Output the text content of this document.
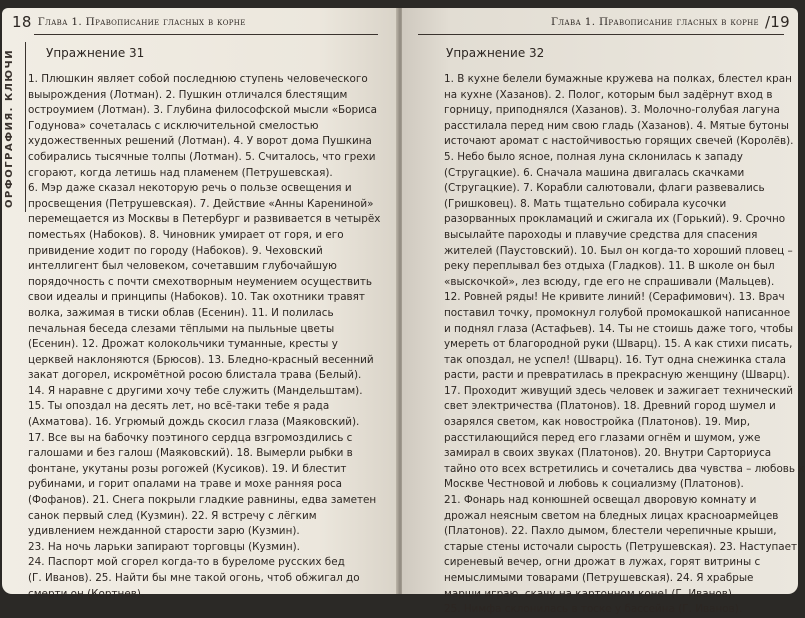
18 Глава 1. Правописание гласных в корне
ОРФОГРАФИЯ. КЛЮЧИ	Упражнение 31
1. Плюшкин являет собой последнюю ступень человеческого
выырождения (Лотман). 2. Пушкин отличался блестящим
остроумием (Лотман). 3. Глубина философской мысли «Бориса
Годунова» сочеталась с исключительной смелостью
художественных решений (Лотман). 4. У ворот дома Пушкина
собирались тысячные толпы (Лотман). 5. Считалось, что грехи
сгорают, когда летишь над пламенем (Петрушевская).
6. Мэр даже сказал некоторую речь о пользе освещения и
просвещения (Петрушевская). 7. Действие «Анны Карениной»
перемещается из Москвы в Петербург и развивается в четырёх
поместьях (Набоков). 8. Чиновник умирает от горя, и его
привидение ходит по городу (Набоков). 9. Чеховский
интеллигент был человеком, сочетавшим глубочайшую
порядочность с почти смехотворным неумением осуществить
свои идеалы и принципы (Набоков). 10. Так охотники травят
волка, зажимая в тиски облав (Есенин). 11. И полилась
печальная беседа слезами тёплыми на пыльные цветы
(Есенин). 12. Дрожат колокольчики туманные, кресты у
церквей наклоняются (Брюсов). 13. Бледно-красный весенний
закат догорел, искромётной росою блистала трава (Белый).
14. Я наравне с другими хочу тебе служить (Мандельштам).
15. Ты опоздал на десять лет, но всё-таки тебе я рада
(Ахматова). 16. Угрюмый дождь скосил глаза (Маяковский).
17. Все вы на бабочку поэтиного сердца взгромоздились с
галошами и без галош (Маяковский). 18. Вымерли рыбки в
фонтане, укутаны розы рогожей (Кусиков). 19. И блестит
рубинами, и горит опалами на траве и мохе ранняя роса
(Фофанов). 21. Снега покрыли гладкие равнины, едва заметен
санок первый след (Кузмин). 22. Я встречу с лёгким
удивлением нежданной старости зарю (Кузмин).
23. На ночь ларьки запирают торговцы (Кузмин).
24. Паспорт мой сгорел когда-то в буреломе русских бед
(Г. Иванов). 25. Найти бы мне такой огонь, чтоб обжигал до
смерти он (Кортнев).
Глава 1. Правописание гласных в корне /19
Упражнение 32
1. В кухне белели бумажные кружева на полках, блестел кран
на кухне (Хазанов). 2. Полог, которым был задёрнут вход в
горницу, приподнялся (Хазанов). 3. Молочно-голубая лагуна
расстилала перед ним свою гладь (Хазанов). 4. Мятые бутоны
источают аромат с настойчивостью горящих свечей (Королёв).
5. Небо было ясное, полная луна склонилась к западу
(Стругацкие). 6. Сначала машина двигалась скачками
(Стругацкие). 7. Корабли салютовали, флаги развевались
(Гришковец). 8. Мать тщательно собирала кусочки
разорванных прокламаций и сжигала их (Горький). 9. Срочно
высылайте пароходы и плавучие средства для спасения
жителей (Паустовский). 10. Был он когда-то хороший пловец –
реку переплывал без отдыха (Гладков). 11. В школе он был
«выскочкой», лез всюду, где его не спрашивали (Мальцев).
12. Ровней ряды! Не кривите линий! (Серафимович). 13. Врач
поставил точку, промокнул голубой промокашкой написанное
и поднял глаза (Астафьев). 14. Ты не стоишь даже того, чтобы
умереть от благородной руки (Шварц). 15. А как стихи писать,
так опоздал, не успел! (Шварц). 16. Тут одна снежинка стала
расти, расти и превратилась в прекрасную женщину (Шварц).
17. Проходит живущий здесь человек и зажигает технический
свет электричества (Платонов). 18. Древний город шумел и
озарялся светом, как новостройка (Платонов). 19. Мир,
расстилающийся перед его глазами огнём и шумом, уже
замирал в своих звуках (Платонов). 20. Внутри Сарториуса
тайно ото всех встретились и сочетались два чувства – любовь к
Москве Честновой и любовь к социализму (Платонов).
21. Фонарь над конюшней освещал дворовую комнату и
дрожал неясным светом на бледных лицах красноармейцев
(Платонов). 22. Пахло дымом, блестели черепичные крыши,
старые стены источали сырость (Петрушевская). 23. Наступает
сиреневый вечер, огни дрожат в лужах, горят витрины с
немыслимыми товарами (Петрушевская). 24. Я храбрые
марши играю, скачу на картонном коне! (Г. Иванов).
25. Нимфа склонилась в тоске у бассейна (Г. Иванов).
